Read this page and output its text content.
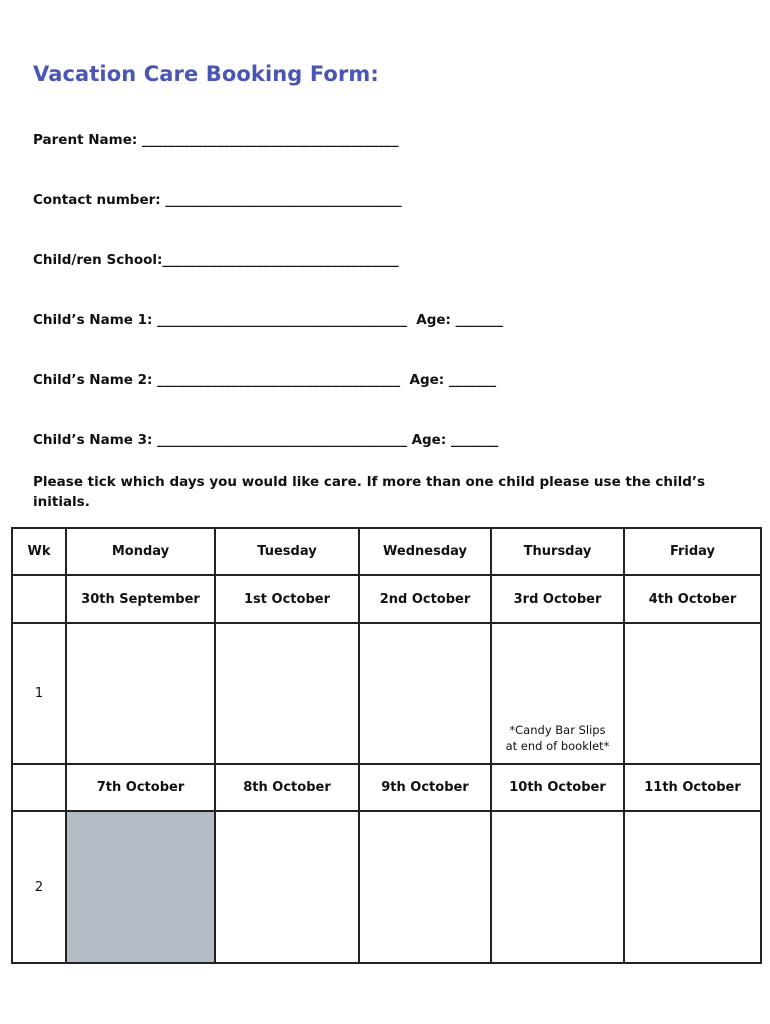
Vacation Care Booking Form:
Parent Name: ______________________________________
Contact number: ___________________________________
Child/ren School:___________________________________
Child’s Name 1: _____________________________________  Age: _______
Child’s Name 2: ____________________________________  Age: _______
Child’s Name 3: _____________________________________ Age: _______
Please tick which days you would like care. If more than one child please use the child’s initials.
Wk	Monday	Tuesday	Wednesday	Thursday	Friday
	30th September	1st October	2nd October	3rd October	4th October
1				*Candy Bar Slips
at end of booklet*	

	7th October	8th October	9th October	10th October	11th October
2					
